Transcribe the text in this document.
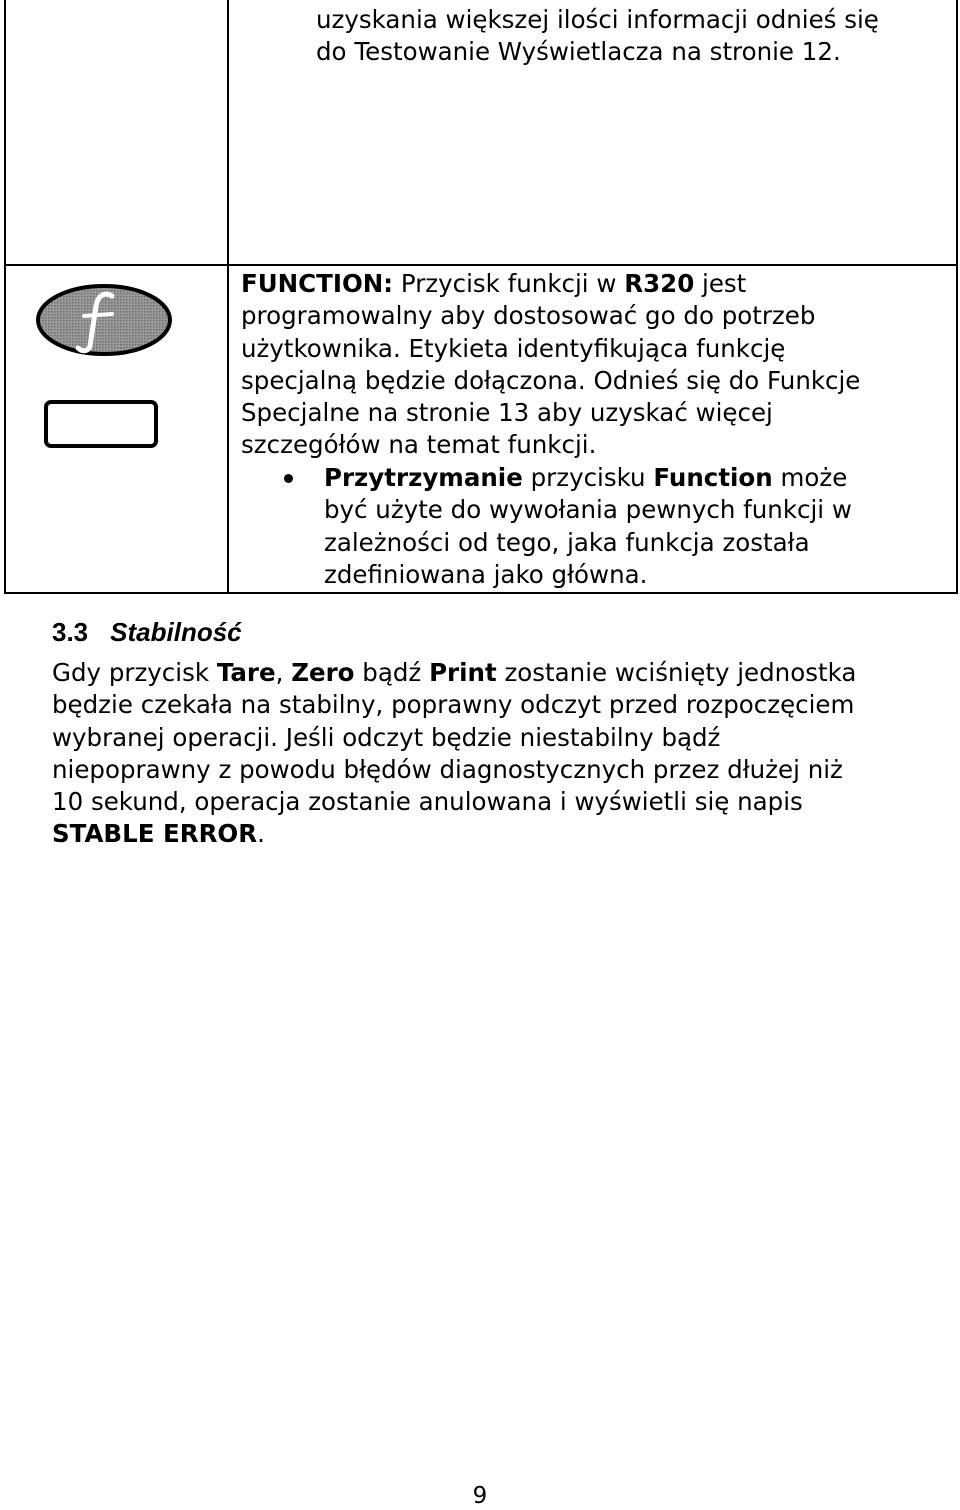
uzyskania większej ilości informacji odnieś się

do Testowanie Wyświetlacza na stronie 12.

FUNCTION: Przycisk funkcji w R320 jest

programowalny aby dostosować go do potrzeb

użytkownika. Etykieta identyfikująca funkcję

specjalną będzie dołączona. Odnieś się do Funkcje

Specjalne na stronie 13 aby uzyskać więcej

szczegółów na temat funkcji.

Przytrzymanie przycisku Function może

być użyte do wywołania pewnych funkcji w

zależności od tego, jaka funkcja została

zdefiniowana jako główna.

3.3 Stabilność

Gdy przycisk Tare, Zero bądź Print zostanie wciśnięty jednostka

będzie czekała na stabilny, poprawny odczyt przed rozpoczęciem

wybranej operacji. Jeśli odczyt będzie niestabilny bądź

niepoprawny z powodu błędów diagnostycznych przez dłużej niż

10 sekund, operacja zostanie anulowana i wyświetli się napis

STABLE ERROR.

9
